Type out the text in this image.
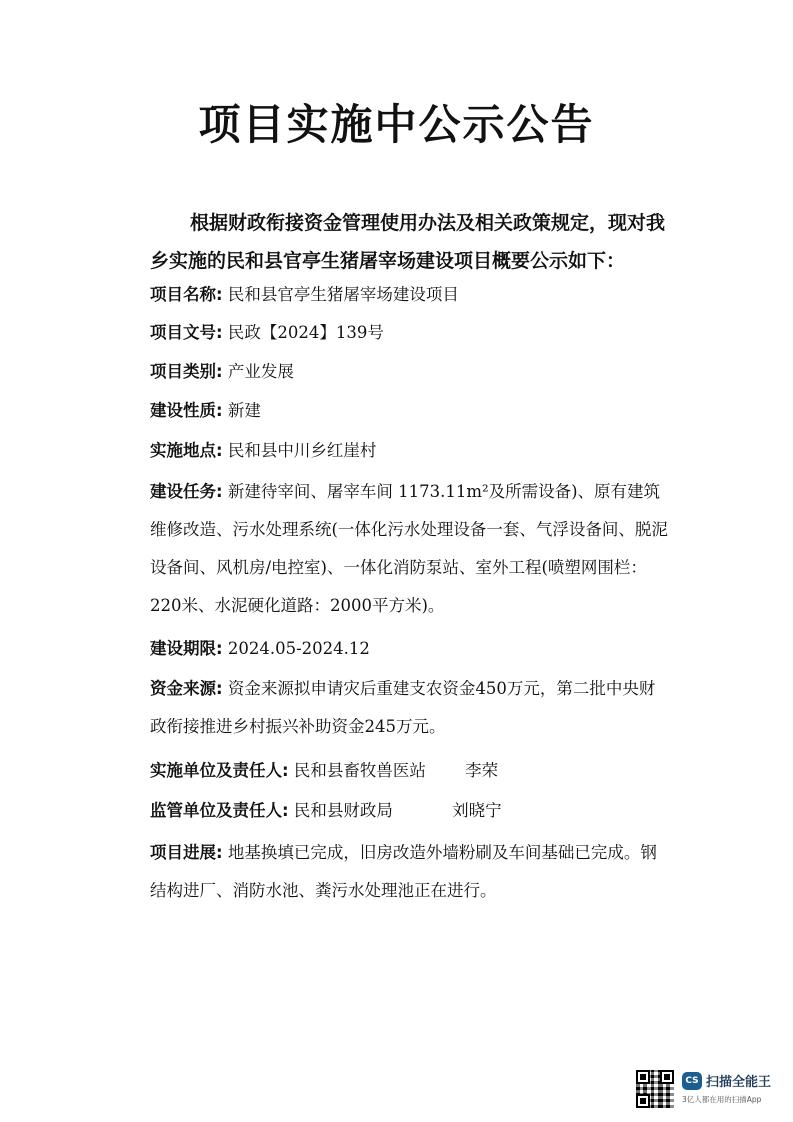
项目实施中公示公告
根据财政衔接资金管理使用办法及相关政策规定，现对我乡实施的民和县官亭生猪屠宰场建设项目概要公示如下：
项目名称: 民和县官亭生猪屠宰场建设项目
项目文号: 民政【2024】139号
项目类别: 产业发展
建设性质: 新建
实施地点: 民和县中川乡红崖村
建设任务: 新建待宰间、屠宰车间 1173.11m²及所需设备)、原有建筑维修改造、污水处理系统(一体化污水处理设备一套、气浮设备间、脱泥设备间、风机房/电控室)、一体化消防泵站、室外工程(喷塑网围栏：220米、水泥硬化道路：2000平方米)。
建设期限: 2024.05-2024.12
资金来源: 资金来源拟申请灾后重建支农资金450万元，第二批中央财政衔接推进乡村振兴补助资金245万元。
实施单位及责任人: 民和县畜牧兽医站 李荣
监管单位及责任人: 民和县财政局	刘晓宁
项目进展: 地基换填已完成，旧房改造外墙粉刷及车间基础已完成。钢结构进厂、消防水池、粪污水处理池正在进行。
CS 扫描全能王
3亿人都在用的扫描App
